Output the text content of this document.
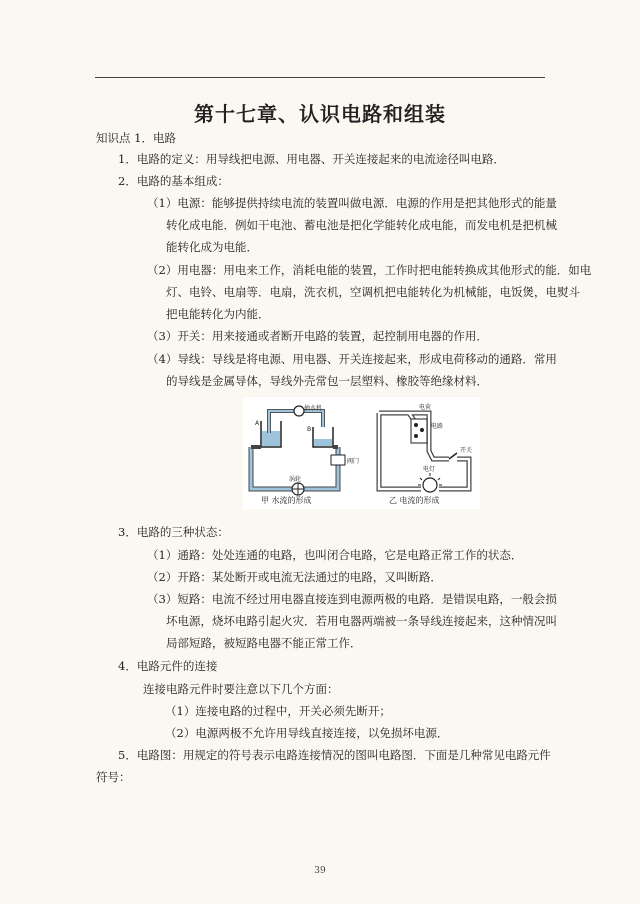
第十七章、认识电路和组装
知识点 1．电路
1．电路的定义：用导线把电源、用电器、开关连接起来的电流途径叫电路．
2．电路的基本组成：
（1）电源：能够提供持续电流的装置叫做电源．电源的作用是把其他形式的能量
转化成电能．例如干电池、蓄电池是把化学能转化成电能，而发电机是把机械
能转化成为电能．
（2）用电器：用电来工作，消耗电能的装置，工作时把电能转换成其他形式的能．如电
灯、电铃、电扇等．电扇，洗衣机，空调机把电能转化为机械能，电饭煲，电熨斗
把电能转化为内能．
（3）开关：用来接通或者断开电路的装置，起控制用电器的作用．
（4）导线：导线是将电源、用电器、开关连接起来，形成电荷移动的通路．常用
的导线是金属导体，导线外壳常包一层塑料、橡胶等绝缘材料．
抽水机
A
B
阀门
涡轮
甲 水流的形成
电荷
电路
开关
电灯
乙 电流的形成
3．电路的三种状态：
（1）通路：处处连通的电路，也叫闭合电路，它是电路正常工作的状态．
（2）开路：某处断开或电流无法通过的电路，又叫断路．
（3）短路：电流不经过用电器直接连到电源两极的电路．是错误电路，一般会损
坏电源，烧坏电路引起火灾．若用电器两端被一条导线连接起来，这种情况叫
局部短路，被短路电器不能正常工作．
4．电路元件的连接
连接电路元件时要注意以下几个方面：
（1）连接电路的过程中，开关必须先断开；
（2）电源两极不允许用导线直接连接，以免损坏电源．
5．电路图：用规定的符号表示电路连接情况的图叫电路图．下面是几种常见电路元件
符号：
39
